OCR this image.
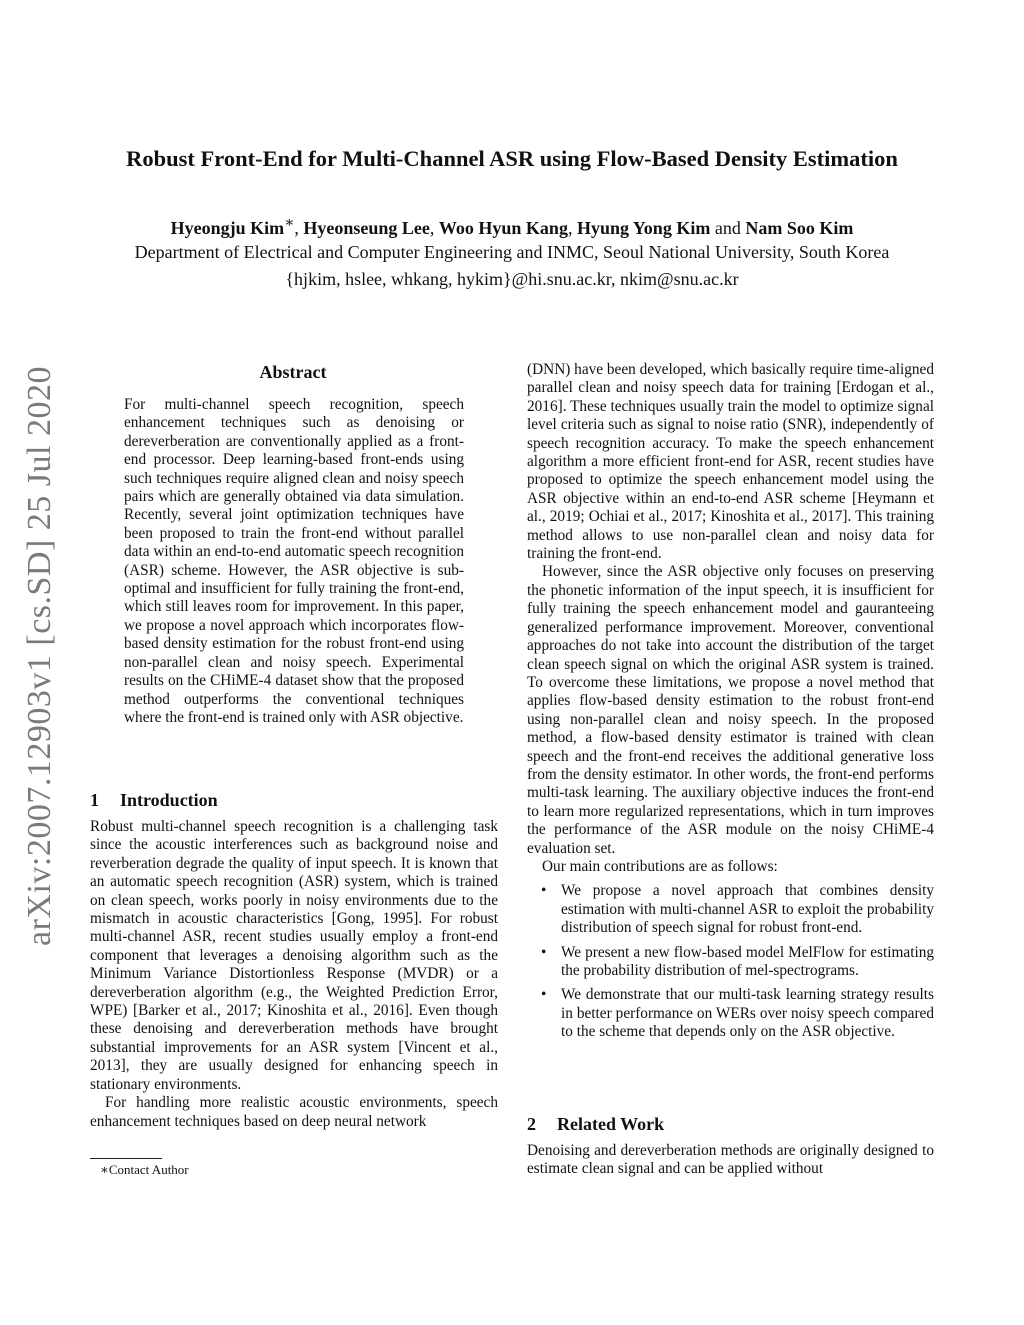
arXiv:2007.12903v1 [cs.SD] 25 Jul 2020
Robust Front-End for Multi-Channel ASR using Flow-Based Density Estimation
Hyeongju Kim∗, Hyeonseung Lee, Woo Hyun Kang, Hyung Yong Kim and Nam Soo Kim
Department of Electrical and Computer Engineering and INMC, Seoul National University, South Korea
{hjkim, hslee, whkang, hykim}@hi.snu.ac.kr, nkim@snu.ac.kr
Abstract

For multi-channel speech recognition, speech enhancement techniques such as denoising or dereverberation are conventionally applied as a front-end processor. Deep learning-based front-ends using such techniques require aligned clean and noisy speech pairs which are generally obtained via data simulation. Recently, several joint optimization techniques have been proposed to train the front-end without parallel data within an end-to-end automatic speech recognition (ASR) scheme. However, the ASR objective is sub-optimal and insufficient for fully training the front-end, which still leaves room for improvement. In this paper, we propose a novel approach which incorporates flow-based density estimation for the robust front-end using non-parallel clean and noisy speech. Experimental results on the CHiME-4 dataset show that the proposed method outperforms the conventional techniques where the front-end is trained only with ASR objective.

1 Introduction

Robust multi-channel speech recognition is a challenging task since the acoustic interferences such as background noise and reverberation degrade the quality of input speech. It is known that an automatic speech recognition (ASR) system, which is trained on clean speech, works poorly in noisy environments due to the mismatch in acoustic characteristics [Gong, 1995]. For robust multi-channel ASR, recent studies usually employ a front-end component that leverages a denoising algorithm such as the Minimum Variance Distortionless Response (MVDR) or a dereverberation algorithm (e.g., the Weighted Prediction Error, WPE) [Barker et al., 2017; Kinoshita et al., 2016]. Even though these denoising and dereverberation methods have brought substantial improvements for an ASR system [Vincent et al., 2013], they are usually designed for enhancing speech in stationary environments.

For handling more realistic acoustic environments, speech enhancement techniques based on deep neural network

∗Contact Author

(DNN) have been developed, which basically require time-aligned parallel clean and noisy speech data for training [Erdogan et al., 2016]. These techniques usually train the model to optimize signal level criteria such as signal to noise ratio (SNR), independently of speech recognition accuracy. To make the speech enhancement algorithm a more efficient front-end for ASR, recent studies have proposed to optimize the speech enhancement model using the ASR objective within an end-to-end ASR scheme [Heymann et al., 2019; Ochiai et al., 2017; Kinoshita et al., 2017]. This training method allows to use non-parallel clean and noisy data for training the front-end.

However, since the ASR objective only focuses on preserving the phonetic information of the input speech, it is insufficient for fully training the speech enhancement model and gauranteeing generalized performance improvement. Moreover, conventional approaches do not take into account the distribution of the target clean speech signal on which the original ASR system is trained. To overcome these limitations, we propose a novel method that applies flow-based density estimation to the robust front-end using non-parallel clean and noisy speech. In the proposed method, a flow-based density estimator is trained with clean speech and the front-end receives the additional generative loss from the density estimator. In other words, the front-end performs multi-task learning. The auxiliary objective induces the front-end to learn more regularized representations, which in turn improves the performance of the ASR module on the noisy CHiME-4 evaluation set.

Our main contributions are as follows:

• We propose a novel approach that combines density estimation with multi-channel ASR to exploit the probability distribution of speech signal for robust front-end.
• We present a new flow-based model MelFlow for estimating the probability distribution of mel-spectrograms.
• We demonstrate that our multi-task learning strategy results in better performance on WERs over noisy speech compared to the scheme that depends only on the ASR objective.
2 Related Work

Denoising and dereverberation methods are originally designed to estimate clean signal and can be applied without
